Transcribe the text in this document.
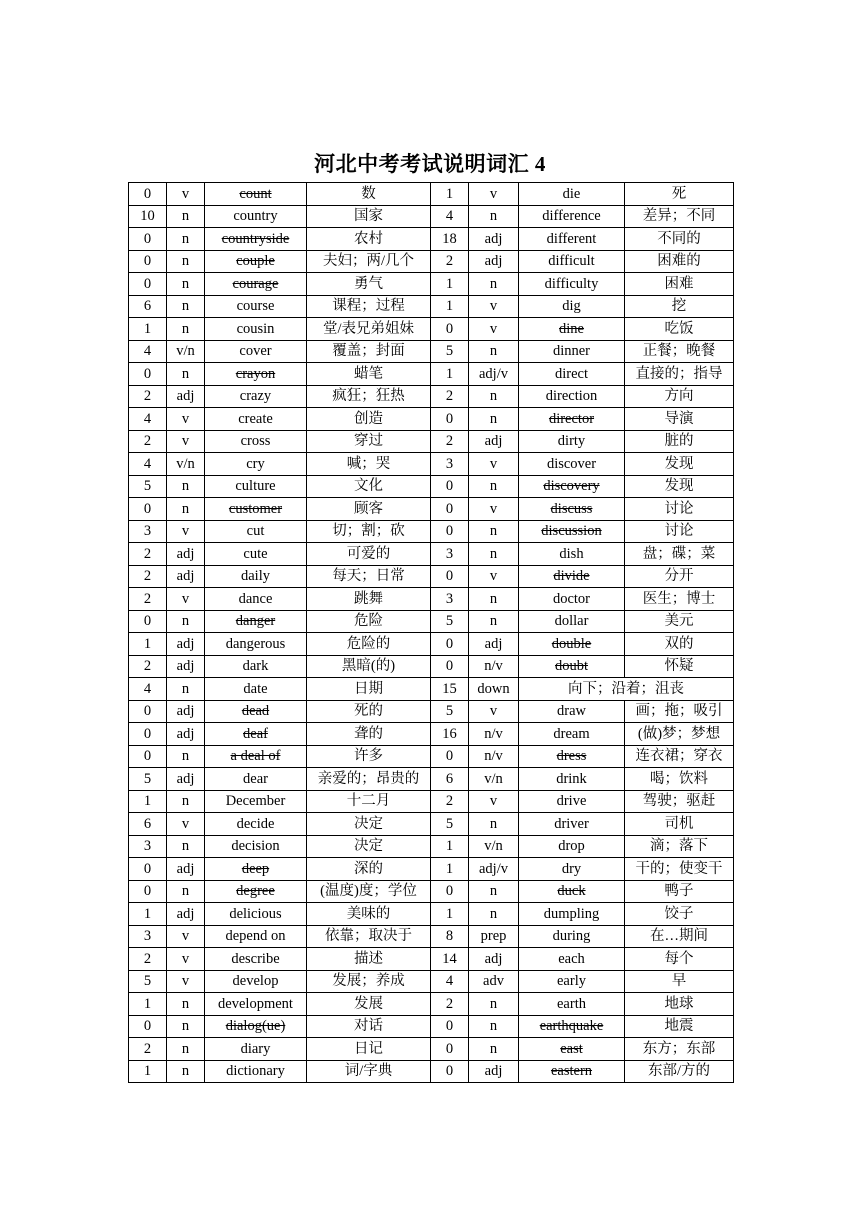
河北中考考试说明词汇 4
0	v	count	数	1	v	die	死
10	n	country	国家	4	n	difference	差异；不同
0	n	countryside	农村	18	adj	different	不同的
0	n	couple	夫妇；两/几个	2	adj	difficult	困难的
0	n	courage	勇气	1	n	difficulty	困难
6	n	course	课程；过程	1	v	dig	挖
1	n	cousin	堂/表兄弟姐妹	0	v	dine	吃饭
4	v/n	cover	覆盖；封面	5	n	dinner	正餐；晚餐
0	n	crayon	蜡笔	1	adj/v	direct	直接的；指导
2	adj	crazy	疯狂；狂热	2	n	direction	方向
4	v	create	创造	0	n	director	导演
2	v	cross	穿过	2	adj	dirty	脏的
4	v/n	cry	喊；哭	3	v	discover	发现
5	n	culture	文化	0	n	discovery	发现
0	n	customer	顾客	0	v	discuss	讨论
3	v	cut	切；割；砍	0	n	discussion	讨论
2	adj	cute	可爱的	3	n	dish	盘；碟；菜
2	adj	daily	每天；日常	0	v	divide	分开
2	v	dance	跳舞	3	n	doctor	医生；博士
0	n	danger	危险	5	n	dollar	美元
1	adj	dangerous	危险的	0	adj	double	双的
2	adj	dark	黑暗(的)	0	n/v	doubt	怀疑
4	n	date	日期	15	down	向下；沿着；沮丧	
0	adj	dead	死的	5	v	draw	画；拖；吸引
0	adj	deaf	聋的	16	n/v	dream	(做)梦；梦想
0	n	a deal of	许多	0	n/v	dress	连衣裙；穿衣
5	adj	dear	亲爱的；昂贵的	6	v/n	drink	喝；饮料
1	n	December	十二月	2	v	drive	驾驶；驱赶
6	v	decide	决定	5	n	driver	司机
3	n	decision	决定	1	v/n	drop	滴；落下
0	adj	deep	深的	1	adj/v	dry	干的；使变干
0	n	degree	(温度)度；学位	0	n	duck	鸭子
1	adj	delicious	美味的	1	n	dumpling	饺子
3	v	depend on	依靠；取决于	8	prep	during	在…期间
2	v	describe	描述	14	adj	each	每个
5	v	develop	发展；养成	4	adv	early	早
1	n	development	发展	2	n	earth	地球
0	n	dialog(ue)	对话	0	n	earthquake	地震
2	n	diary	日记	0	n	east	东方；东部
1	n	dictionary	词/字典	0	adj	eastern	东部/方的
